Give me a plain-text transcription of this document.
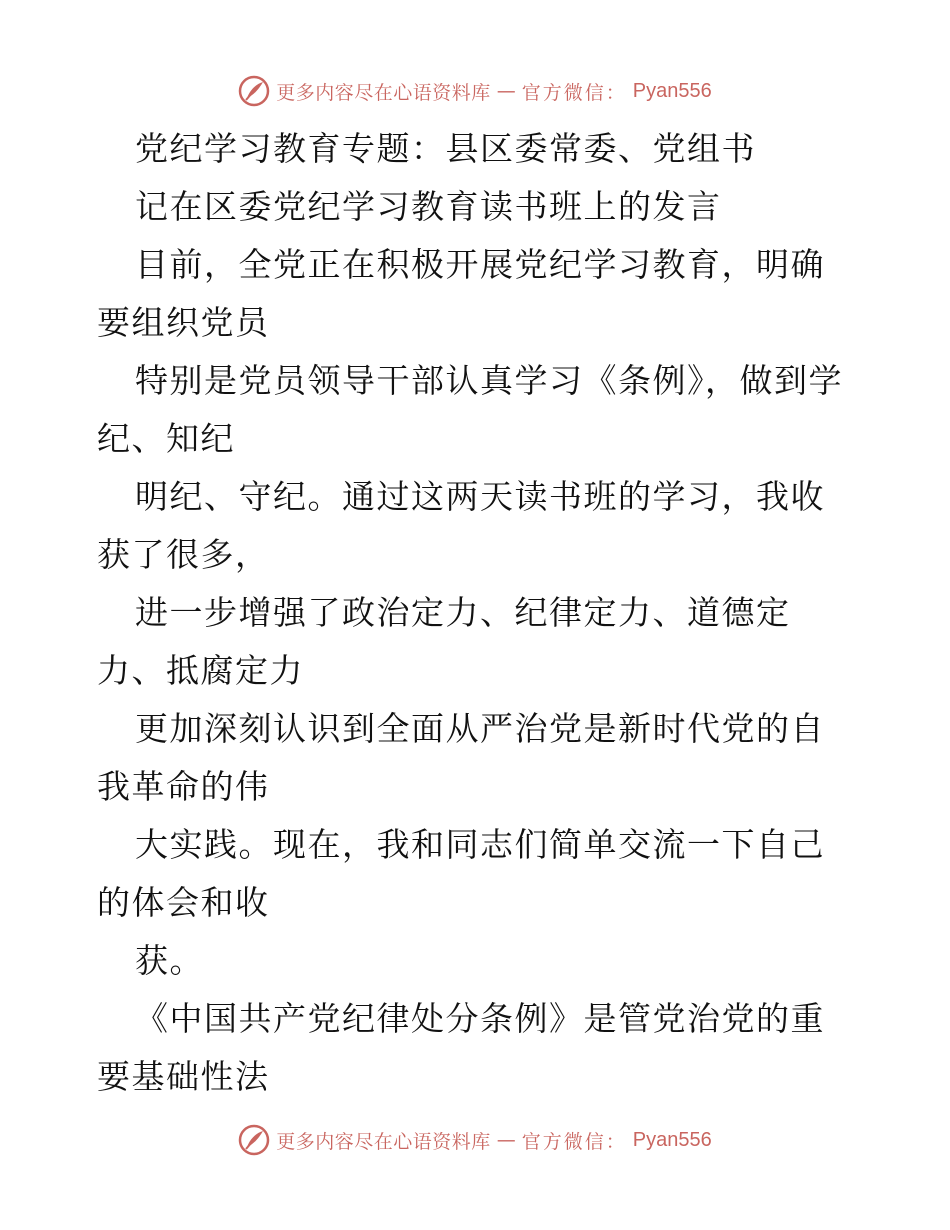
更多内容尽在心语资料库 — 官方微信： Pyan556

党纪学习教育专题：县区委常委、党组书

记在区委党纪学习教育读书班上的发言

目前，全党正在积极开展党纪学习教育，明确要组织党员

特别是党员领导干部认真学习《条例》，做到学纪、知纪

明纪、守纪。通过这两天读书班的学习，我收获了很多，

进一步增强了政治定力、纪律定力、道德定力、抵腐定力

更加深刻认识到全面从严治党是新时代党的自我革命的伟

大实践。现在，我和同志们简单交流一下自己的体会和收

获。

《中国共产党纪律处分条例》是管党治党的重要基础性法

更多内容尽在心语资料库 — 官方微信： Pyan556
